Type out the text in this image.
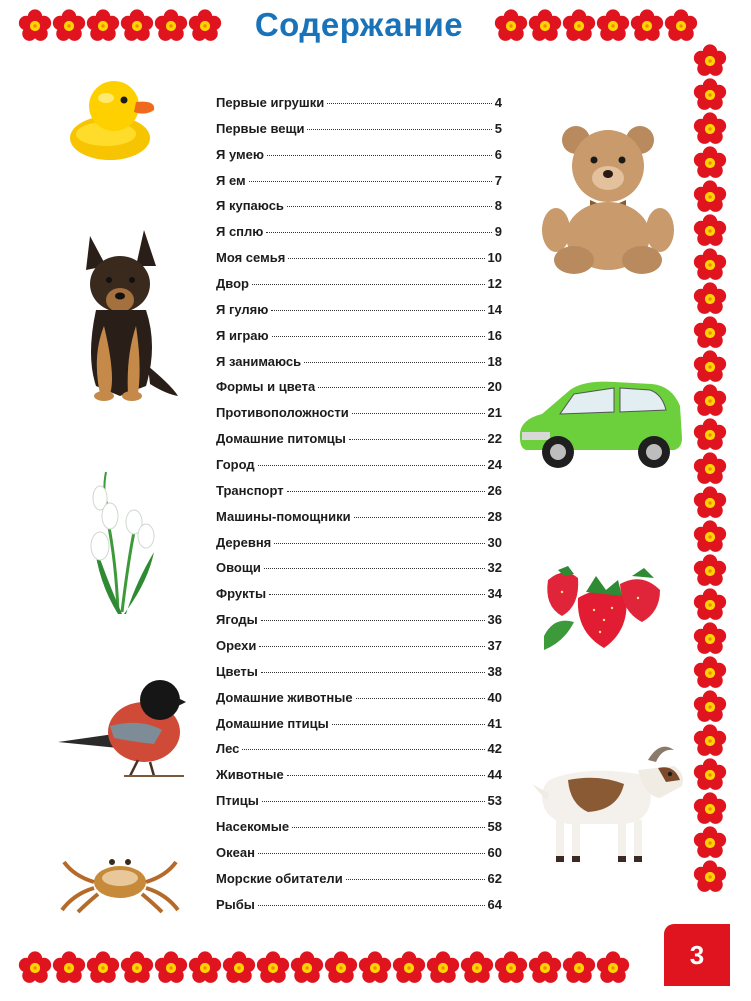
Содержание
Первые игрушки	4
Первые вещи	5
Я умею	6
Я ем	7
Я купаюсь	8
Я сплю	9
Моя семья	10
Двор	12
Я гуляю	14
Я играю	16
Я занимаюсь	18
Формы и цвета	20
Противоположности	21
Домашние питомцы	22
Город	24
Транспорт	26
Машины-помощники	28
Деревня	30
Овощи	32
Фрукты	34
Ягоды	36
Орехи	37
Цветы	38
Домашние животные	40
Домашние птицы	41
Лес	42
Животные	44
Птицы	53
Насекомые	58
Океан	60
Морские обитатели	62
Рыбы	64
3
